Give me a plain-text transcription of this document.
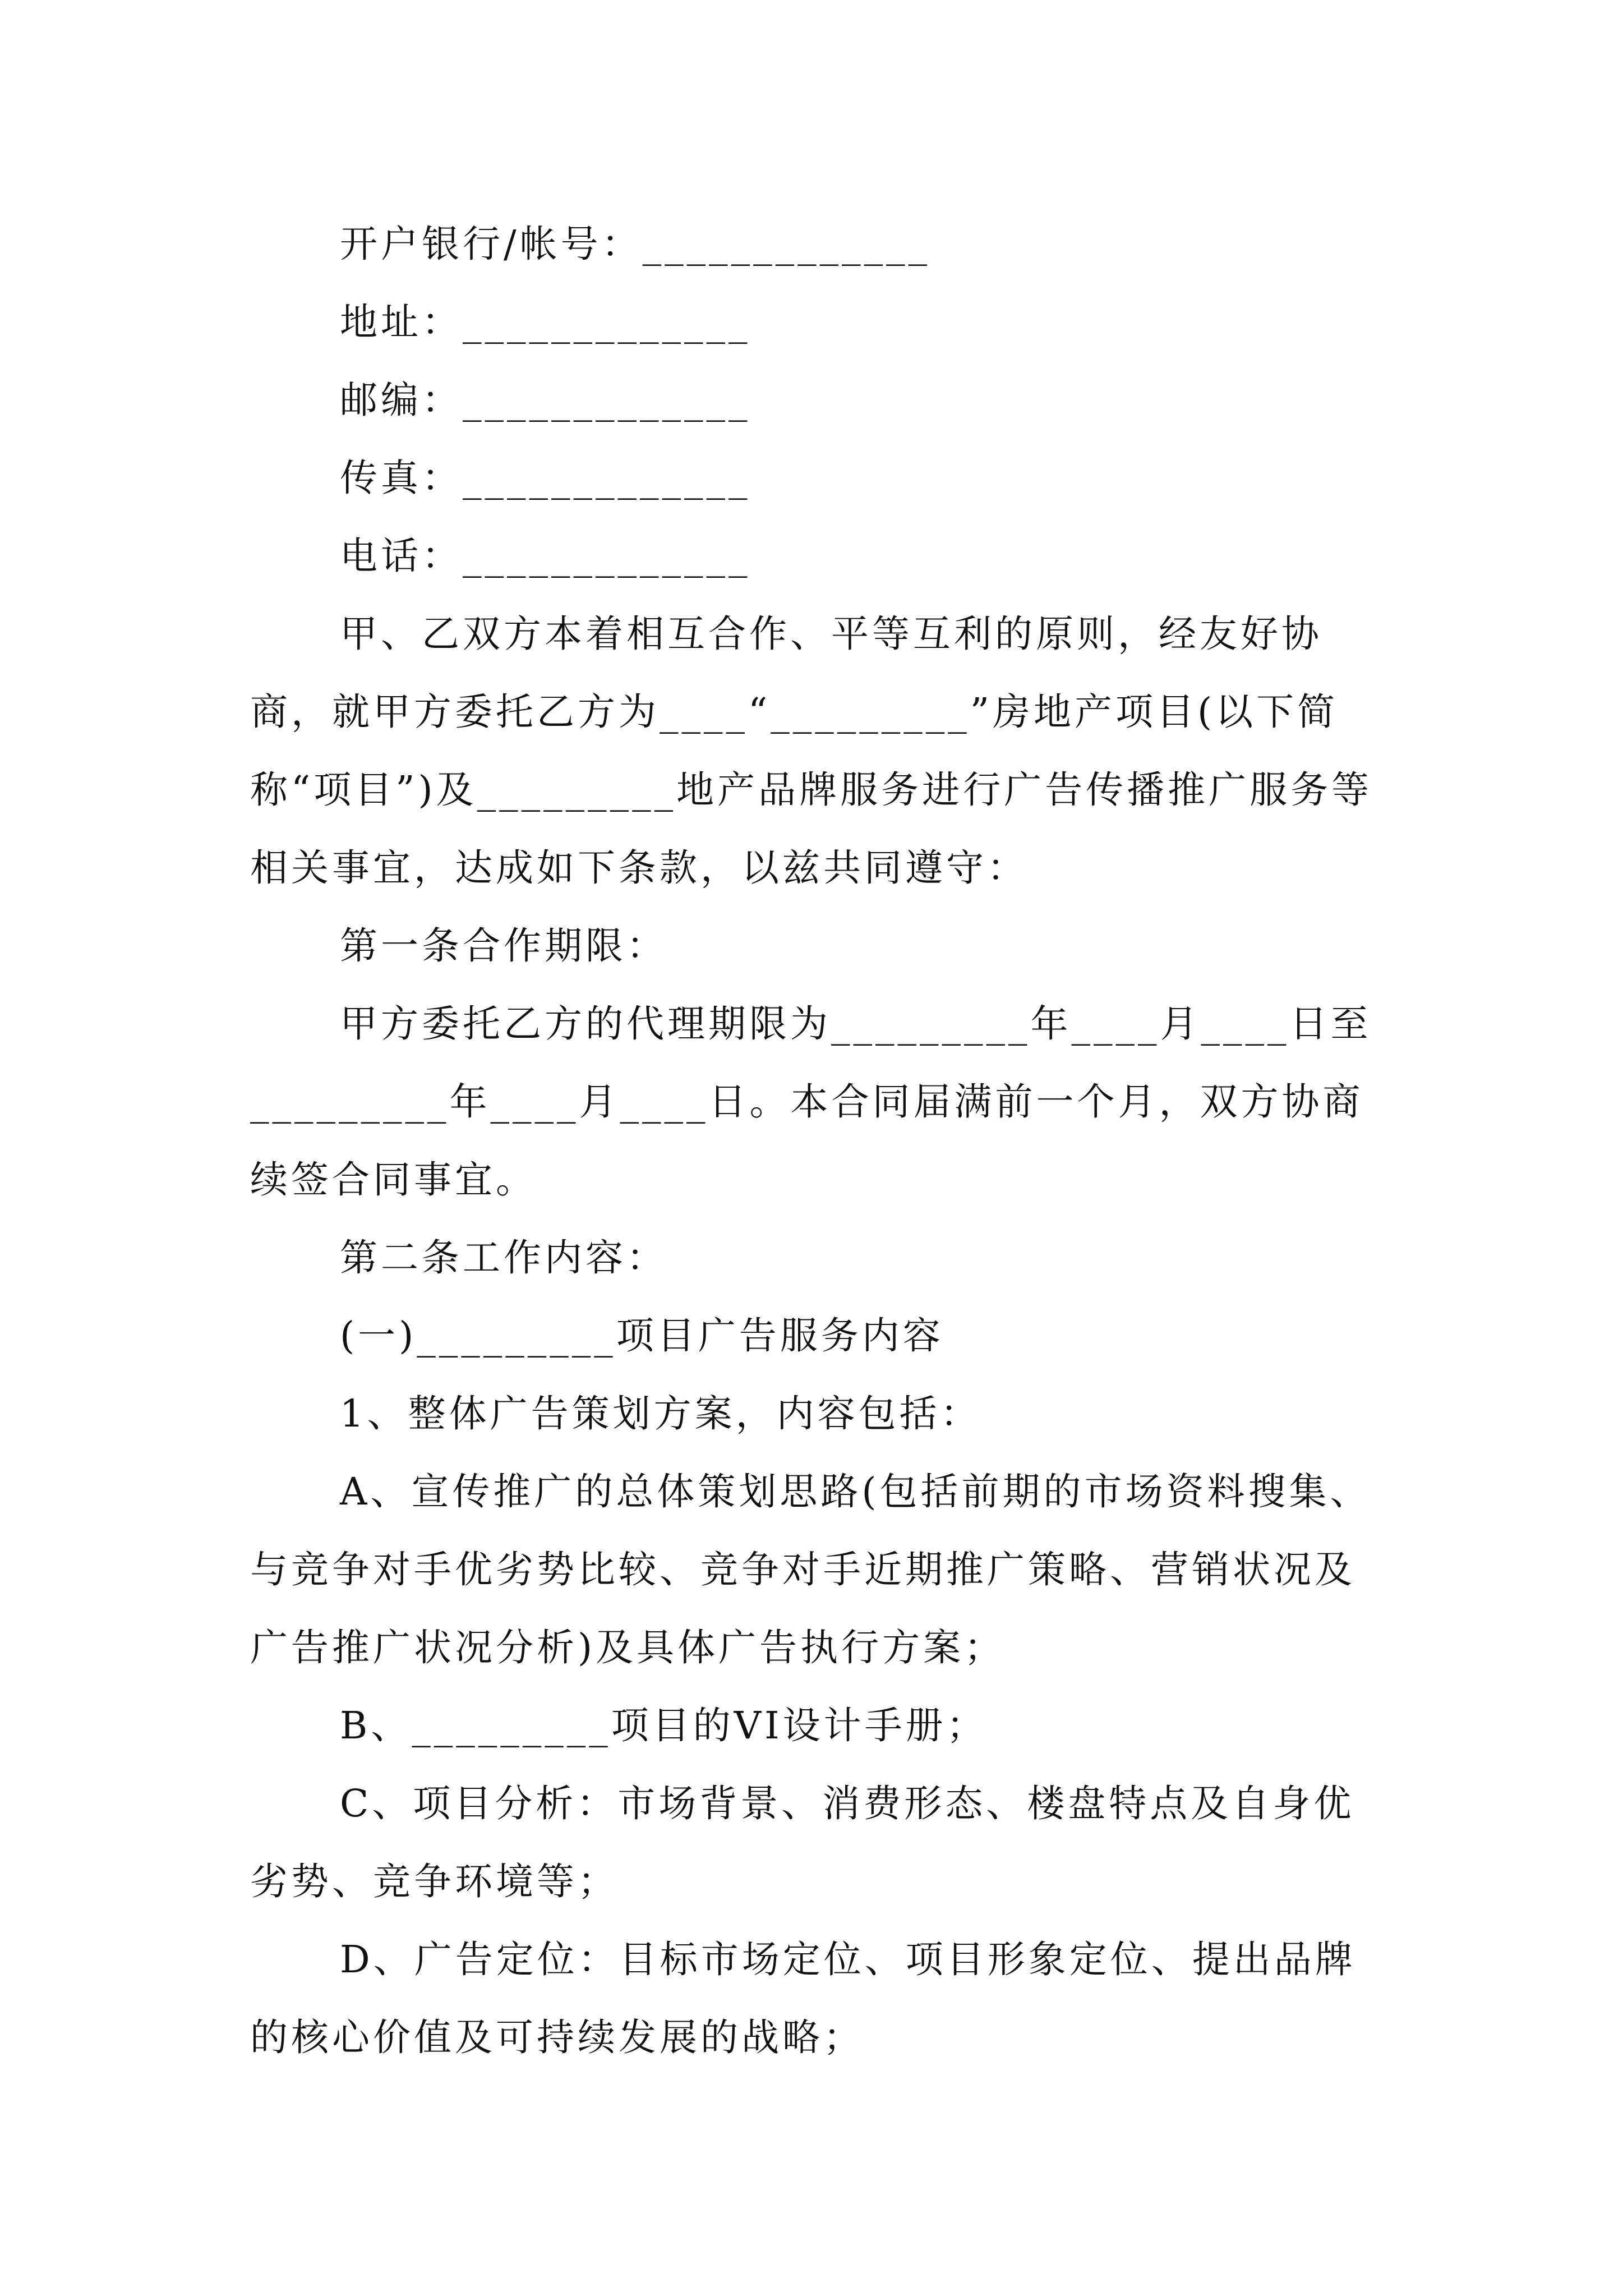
开户银行/帐号：_____________
地址：_____________
邮编：_____________
传真：_____________
电话：_____________

甲、乙双方本着相互合作、平等互利的原则，经友好协商，就甲方委托乙方为____“_________”房地产项目(以下简称“项目”)及_________地产品牌服务进行广告传播推广服务等相关事宜，达成如下条款，以兹共同遵守：

第一条合作期限：

甲方委托乙方的代理期限为_________年____月____日至_________年____月____日。本合同届满前一个月，双方协商续签合同事宜。

第二条工作内容：

(一)_________项目广告服务内容

1、整体广告策划方案，内容包括：

A、宣传推广的总体策划思路(包括前期的市场资料搜集、与竞争对手优劣势比较、竞争对手近期推广策略、营销状况及广告推广状况分析)及具体广告执行方案；

B、_________项目的VI设计手册；

C、项目分析：市场背景、消费形态、楼盘特点及自身优劣势、竞争环境等；

D、广告定位：目标市场定位、项目形象定位、提出品牌的核心价值及可持续发展的战略；
